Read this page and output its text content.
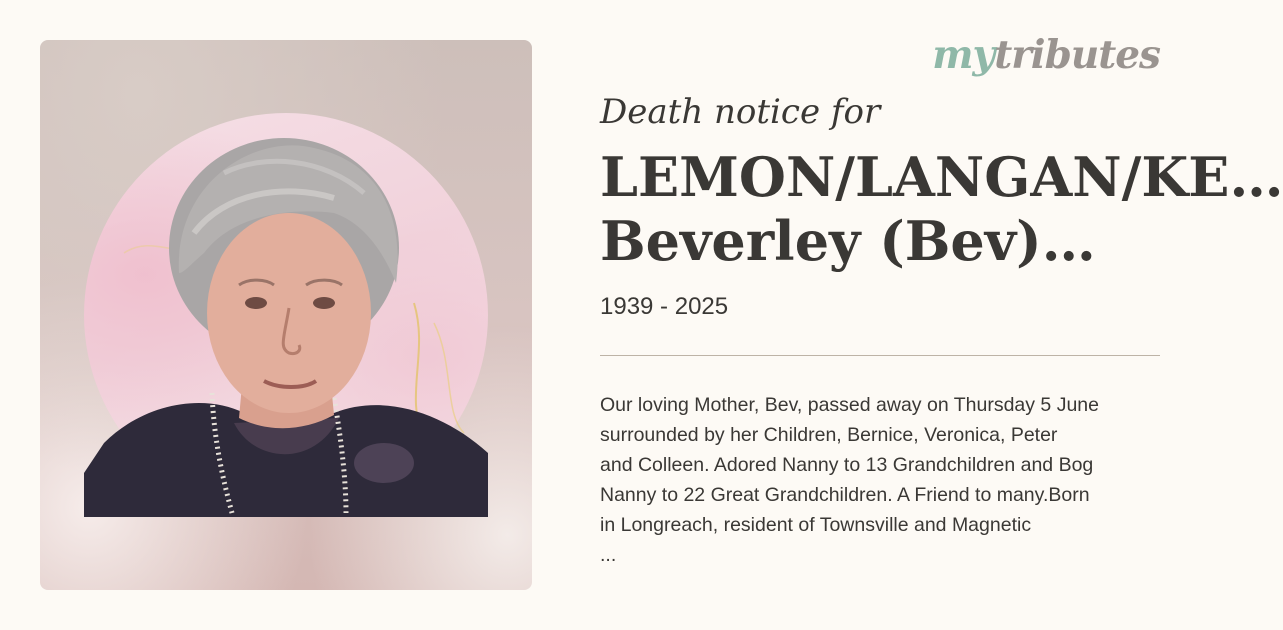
mytributes
Death notice for
LEMON/LANGAN/KE…
Beverley (Bev)…
1939 - 2025
Our loving Mother, Bev, passed away on Thursday 5 June
surrounded by her Children, Bernice, Veronica, Peter
and Colleen. Adored Nanny to 13 Grandchildren and Bog
Nanny to 22 Great Grandchildren. A Friend to many.Born
in Longreach, resident of Townsville and Magnetic
...
